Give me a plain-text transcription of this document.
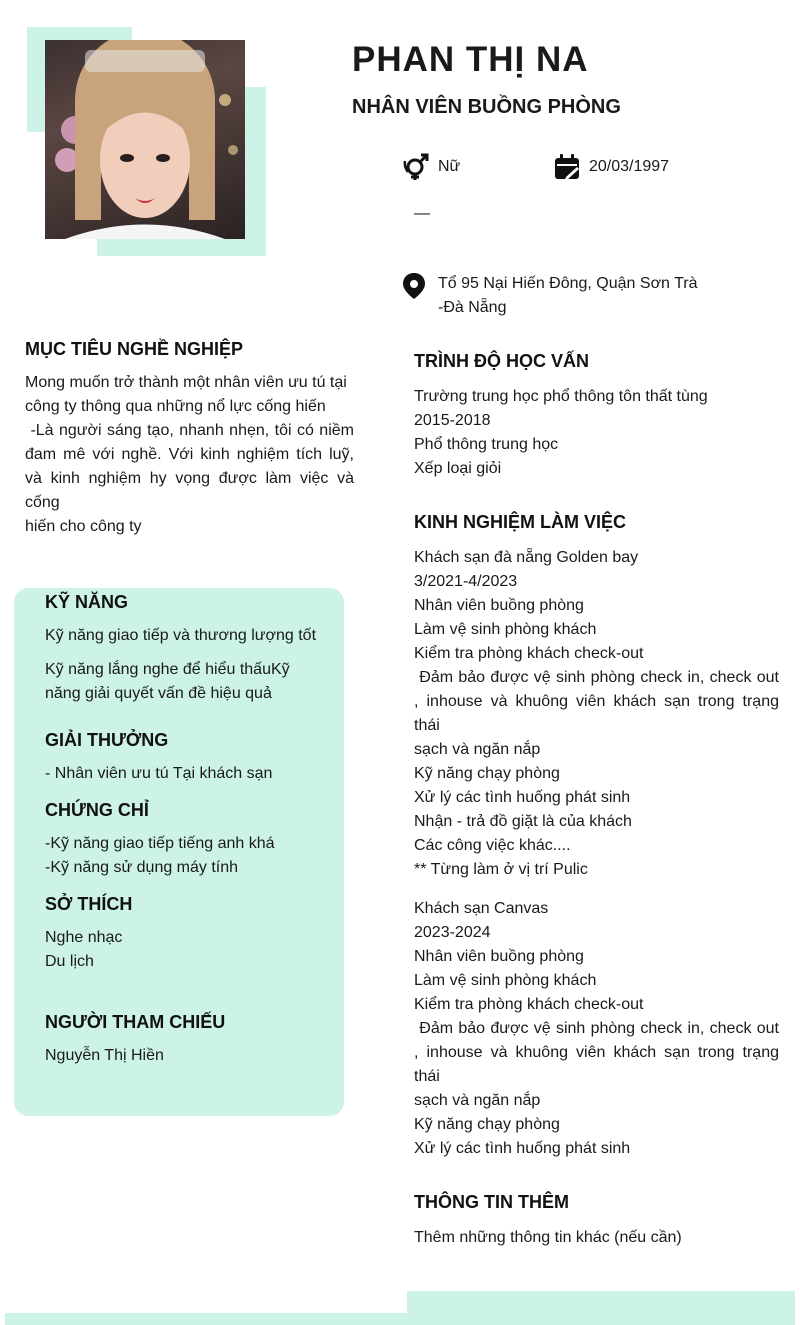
PHAN THỊ NA
NHÂN VIÊN BUỒNG PHÒNG
Nữ	20/03/1997
—
Tổ 95 Nại Hiến Đông, Quận Sơn Trà
-Đà Nẵng
MỤC TIÊU NGHỀ NGHIỆP
Mong muốn trở thành một nhân viên ưu tú tại công ty thông qua những nổ lực cống hiến
-Là người sáng tạo, nhanh nhẹn, tôi có niềm đam mê với nghề. Với kinh nghiệm tích luỹ, và kinh nghiệm hy vọng được làm việc và cống
hiến cho công ty
KỸ NĂNG
Kỹ năng giao tiếp và thương lượng tốt
Kỹ năng lắng nghe để hiểu thấuKỹ năng giải quyết vấn đề hiệu quả
GIẢI THƯỞNG
- Nhân viên ưu tú Tại khách sạn
CHỨNG CHỈ
-Kỹ năng giao tiếp tiếng anh khá
-Kỹ năng sử dụng máy tính
SỞ THÍCH
Nghe nhạc
Du lịch
NGƯỜI THAM CHIẾU
Nguyễn Thị Hiền
TRÌNH ĐỘ HỌC VẤN
Trường trung học phổ thông tôn thất tùng
2015-2018
Phổ thông trung học
Xếp loại giỏi
KINH NGHIỆM LÀM VIỆC
Khách sạn đà nẵng Golden bay
3/2021-4/2023
Nhân viên buồng phòng
Làm vệ sinh phòng khách
Kiểm tra phòng khách check-out
Đảm bảo được vệ sinh phòng check in, check out , inhouse và khuông viên khách sạn trong trạng thái
sạch và ngăn nắp
Kỹ năng chạy phòng
Xử lý các tình huống phát sinh
Nhận - trả đồ giặt là của khách
Các công việc khác....
** Từng làm ở vị trí Pulic
Khách sạn Canvas
2023-2024
Nhân viên buồng phòng
Làm vệ sinh phòng khách
Kiểm tra phòng khách check-out
Đảm bảo được vệ sinh phòng check in, check out , inhouse và khuông viên khách sạn trong trạng thái
sạch và ngăn nắp
Kỹ năng chạy phòng
Xử lý các tình huống phát sinh
THÔNG TIN THÊM
Thêm những thông tin khác (nếu cần)
